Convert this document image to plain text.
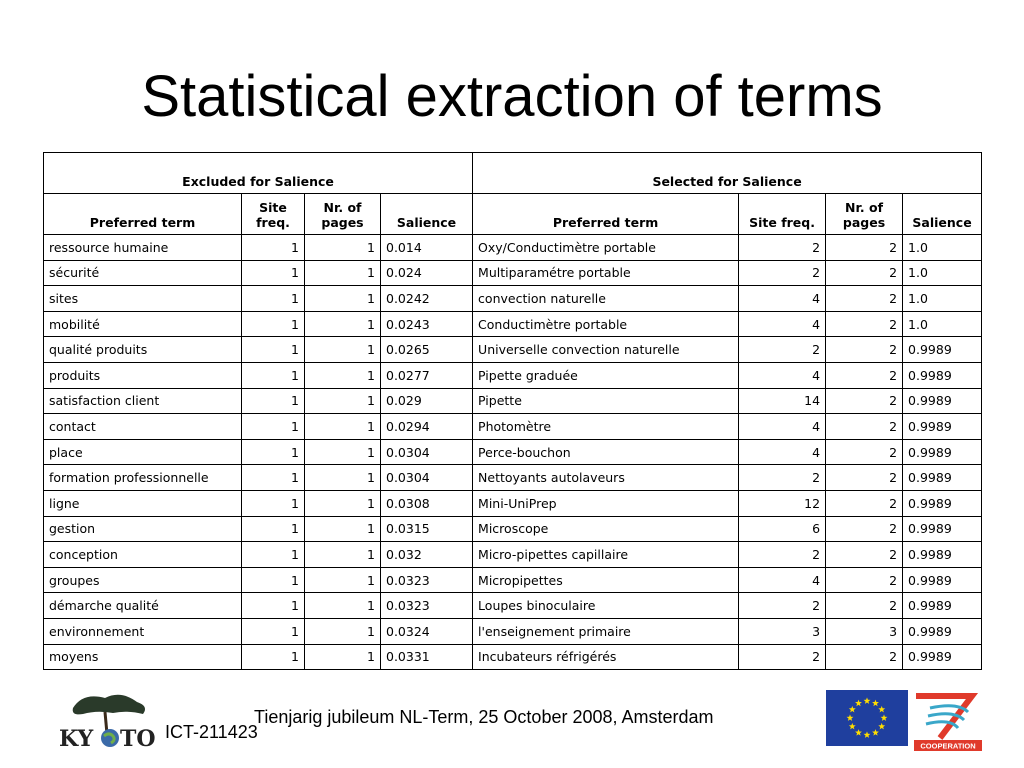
Statistical extraction of terms
Excluded for Salience				Selected for Salience			
Preferred term	Site freq.	Nr. of pages	Salience	Preferred term	Site freq.	Nr. of pages	Salience
ressource humaine	1	1	0.014	Oxy/Conductimètre portable	2	2	1.0
sécurité	1	1	0.024	Multiparamétre portable	2	2	1.0
sites	1	1	0.0242	convection naturelle	4	2	1.0
mobilité	1	1	0.0243	Conductimètre portable	4	2	1.0
qualité produits	1	1	0.0265	Universelle convection naturelle	2	2	0.9989
produits	1	1	0.0277	Pipette graduée	4	2	0.9989
satisfaction client	1	1	0.029	Pipette	14	2	0.9989
contact	1	1	0.0294	Photomètre	4	2	0.9989
place	1	1	0.0304	Perce-bouchon	4	2	0.9989
formation professionnelle	1	1	0.0304	Nettoyants autolaveurs	2	2	0.9989
ligne	1	1	0.0308	Mini-UniPrep	12	2	0.9989
gestion	1	1	0.0315	Microscope	6	2	0.9989
conception	1	1	0.032	Micro-pipettes capillaire	2	2	0.9989
groupes	1	1	0.0323	Micropipettes	4	2	0.9989
démarche qualité	1	1	0.0323	Loupes binoculaire	2	2	0.9989
environnement	1	1	0.0324	l'enseignement primaire	3	3	0.9989
moyens	1	1	0.0331	Incubateurs réfrigérés	2	2	0.9989
KY TO ICT-211423
Tienjarig jubileum NL-Term, 25 October 2008, Amsterdam
COOPERATION
